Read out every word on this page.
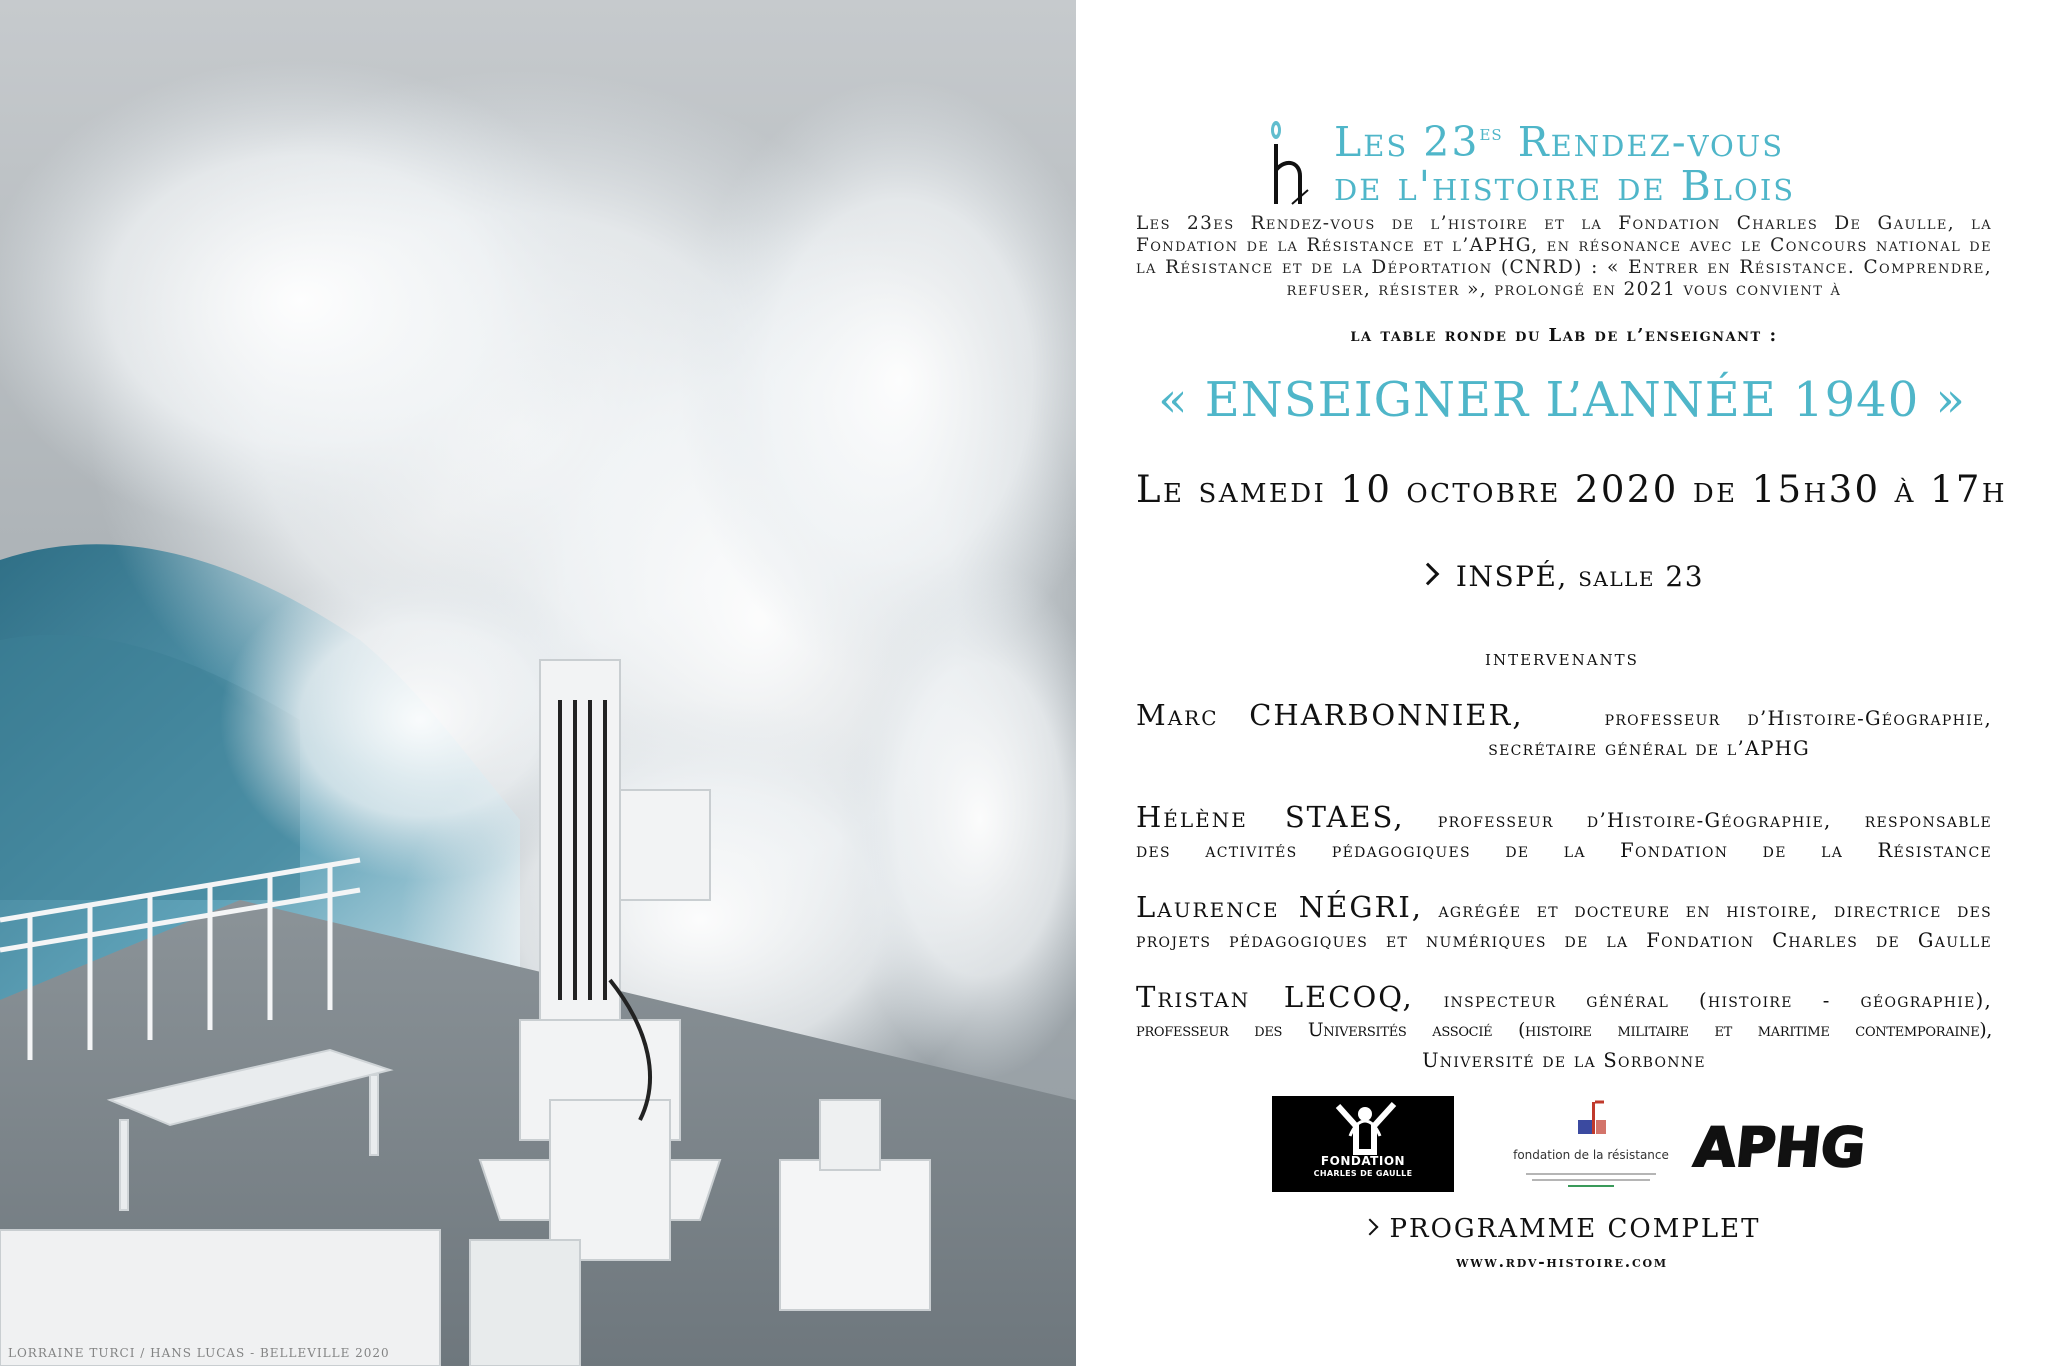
LORRAINE TURCI / HANS LUCAS - BELLEVILLE 2020
Les $23^{es}$ Rendez-vous
de l'histoire de Blois
Les 23es Rendez-vous de l’histoire et la Fondation Charles De Gaulle, la Fondation de la Résistance et l’APHG, en résonance avec le Concours national de la Résistance et de la Déportation (CNRD) : « Entrer en Résistance. Comprendre, refuser, résister », prolongé en 2021 vous convient à
la table ronde du Lab de l’enseignant :
« ENSEIGNER L’ANNÉE 1940 »
Le samedi 10 octobre 2020 de 15h30 à 17h
INSPÉ, salle 23
intervenants
Marc CHARBONNIER,	professeur d’Histoire-Géographie,
secrétaire général de l’APHG
Hélène STAES, professeur d’Histoire-Géographie, responsable
des activités pédagogiques de la Fondation de la Résistance
Laurence NÉGRI, agrégée et docteure en histoire, directrice des
projets pédagogiques et numériques de la Fondation Charles de Gaulle
Tristan LECOQ, inspecteur général (histoire - géographie),
professeur des Universités associé (histoire militaire et maritime contemporaine),
Université de la Sorbonne
FONDATION
CHARLES DE GAULLE
fondation de la résistance APHG
PROGRAMME COMPLET
www.rdv-histoire.com
